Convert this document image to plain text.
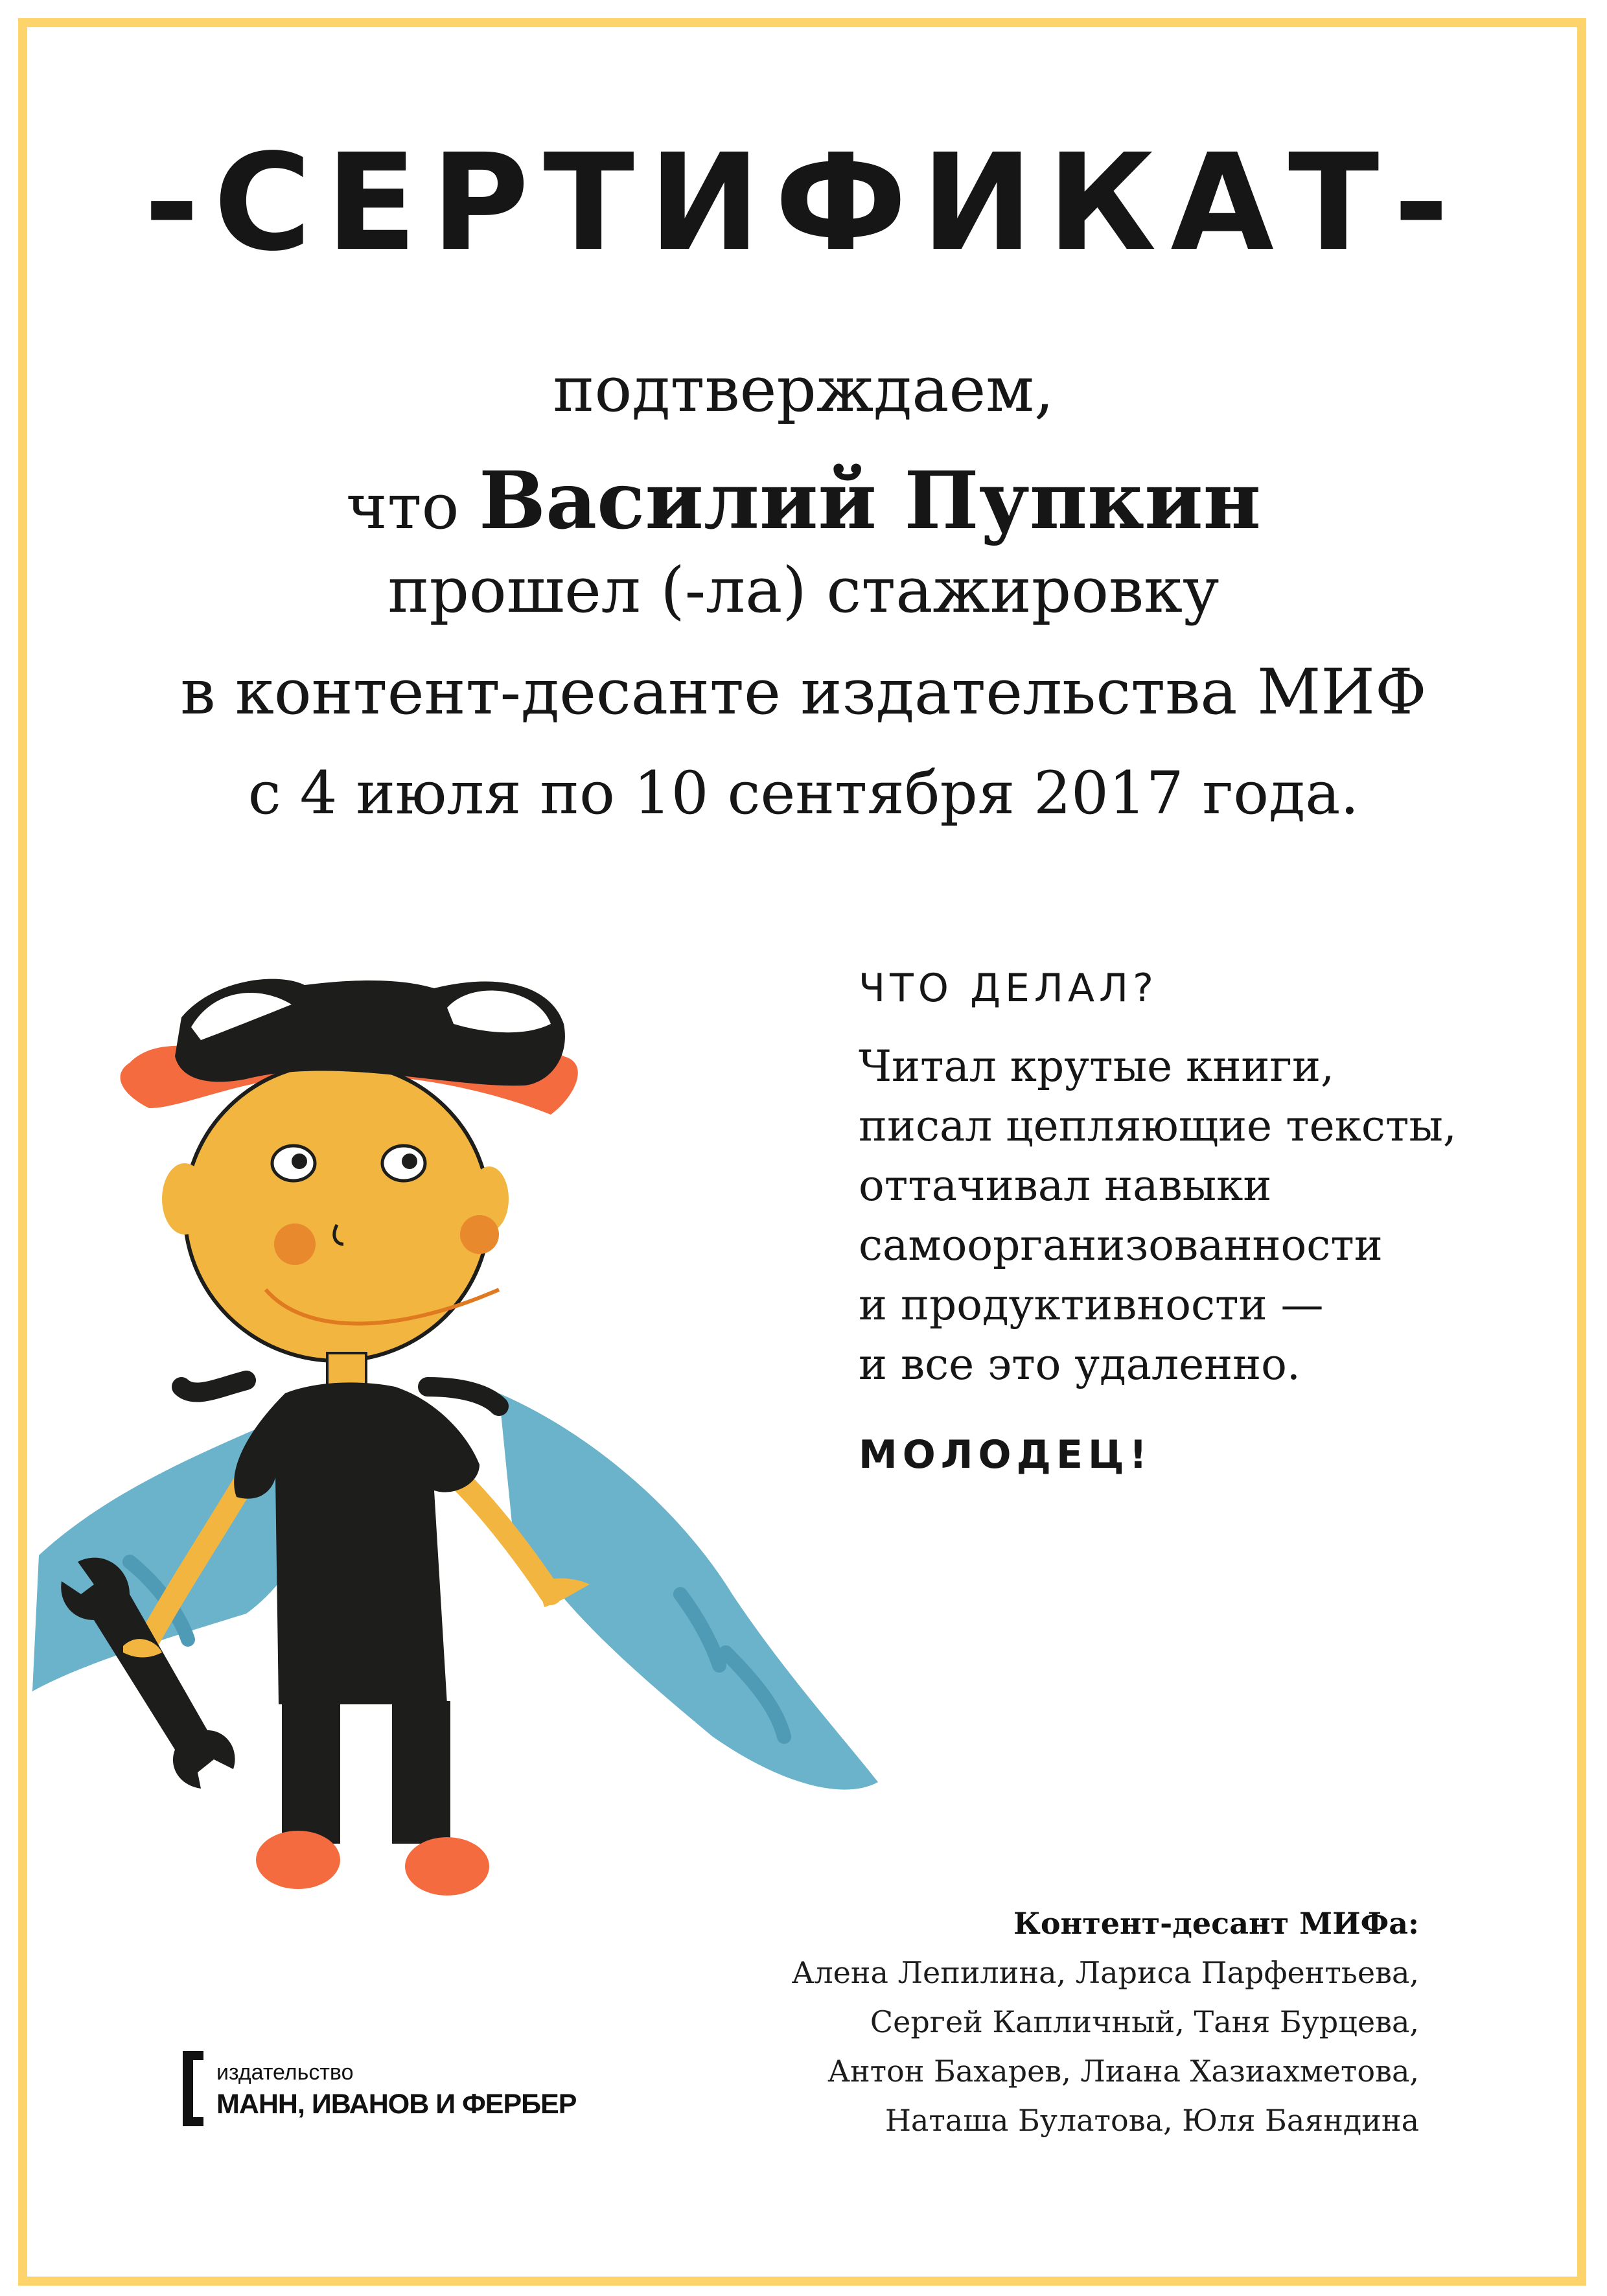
-СЕРТИФИКАТ-
подтверждаем,
что Василий Пупкин
прошел (-ла) стажировку
в контент-десанте издательства МИФ
с 4 июля по 10 сентября 2017 года.
ЧТО ДЕЛАЛ?
Читал крутые книги,
писал цепляющие тексты,
оттачивал навыки
самоорганизованности
и продуктивности —
и все это удаленно.
МОЛОДЕЦ!
Контент-десант МИФа:
Алена Лепилина, Лариса Парфентьева,
Сергей Капличный, Таня Бурцева,
Антон Бахарев, Лиана Хазиахметова,
Наташа Булатова, Юля Баяндина
издательство
МАНН, ИВАНОВ И ФЕРБЕР
